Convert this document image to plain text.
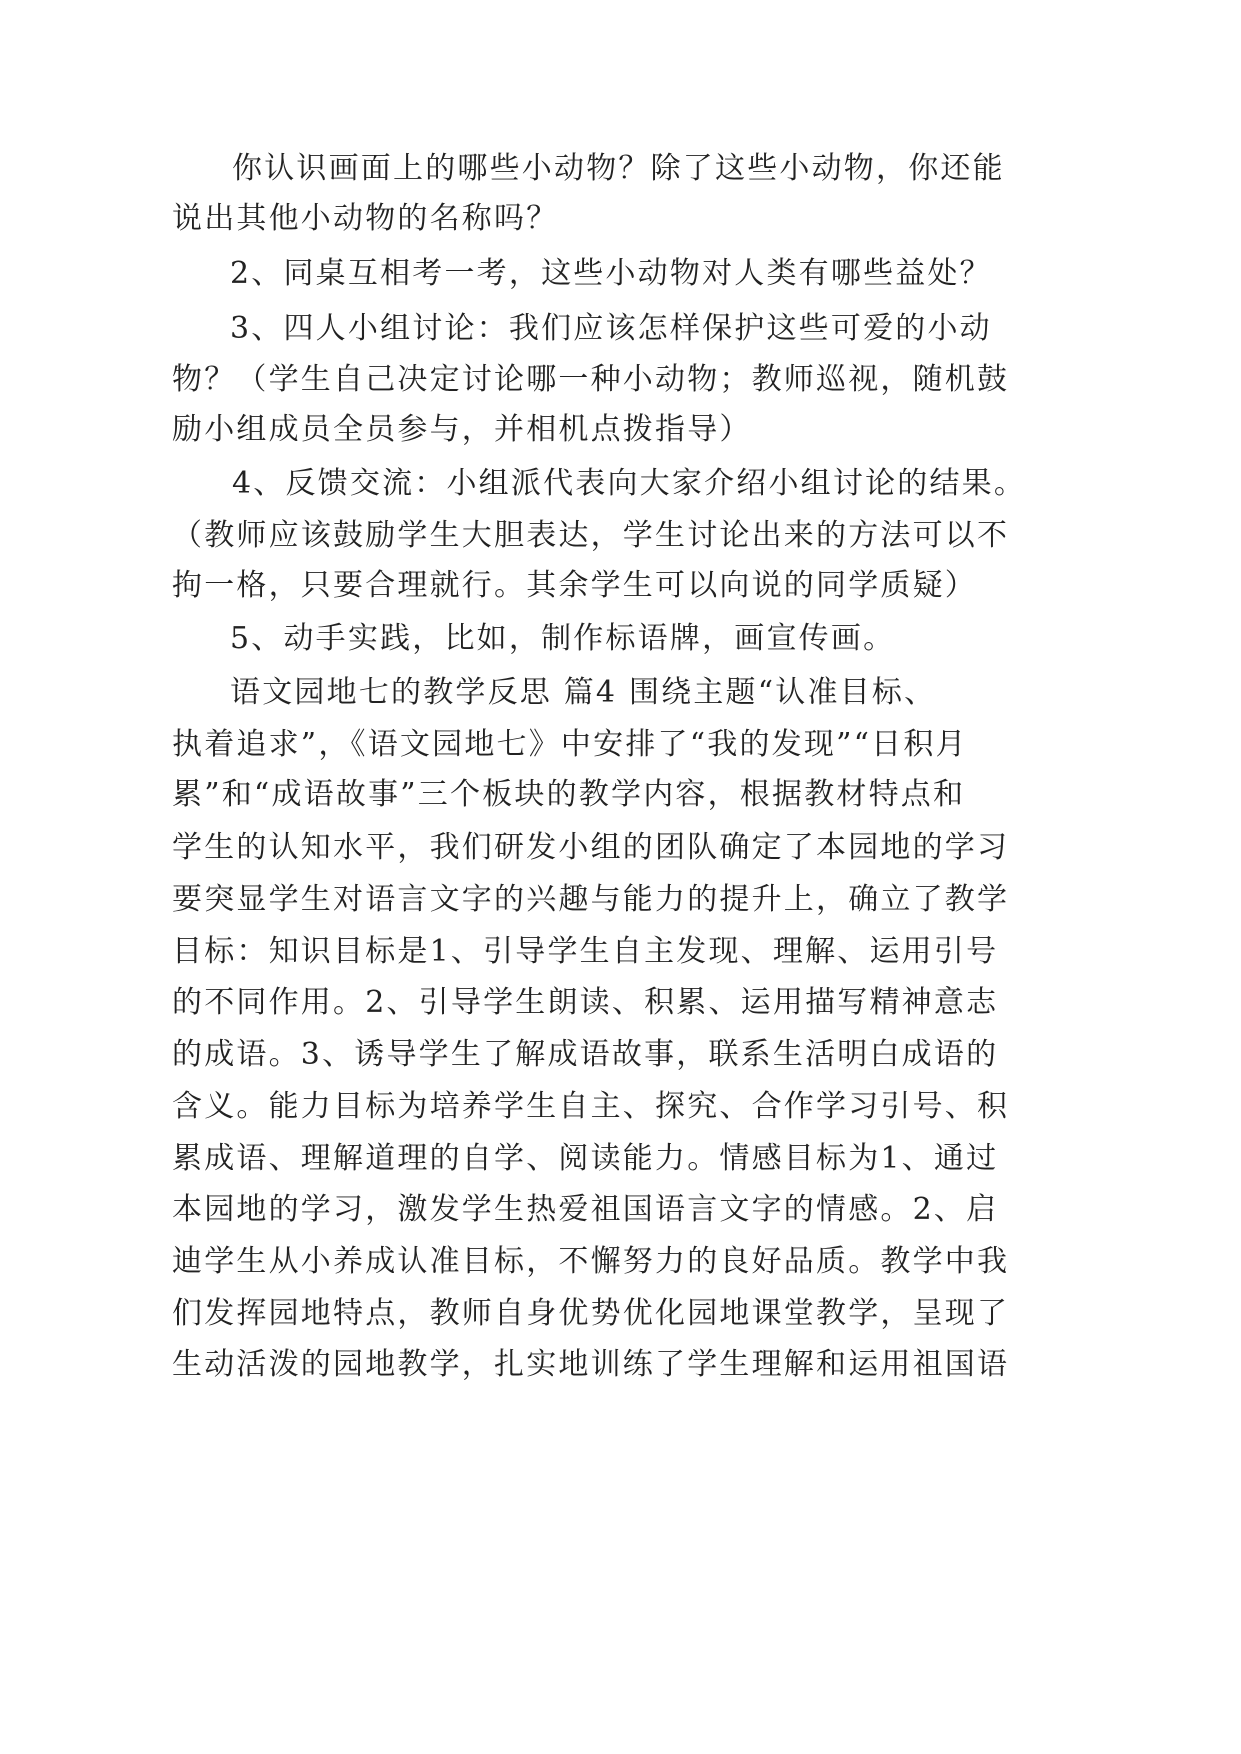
你认识画面上的哪些小动物？除了这些小动物，你还能
说出其他小动物的名称吗？
2、同桌互相考一考，这些小动物对人类有哪些益处？
3、四人小组讨论：我们应该怎样保护这些可爱的小动
物？（学生自己决定讨论哪一种小动物；教师巡视，随机鼓
励小组成员全员参与，并相机点拨指导）
4、反馈交流：小组派代表向大家介绍小组讨论的结果。
（教师应该鼓励学生大胆表达，学生讨论出来的方法可以不
拘一格，只要合理就行。其余学生可以向说的同学质疑）
5、动手实践，比如，制作标语牌，画宣传画。
语文园地七的教学反思 篇4 围绕主题“认准目标、
执着追求”，《语文园地七》中安排了“我的发现”“日积月
累”和“成语故事”三个板块的教学内容，根据教材特点和
学生的认知水平，我们研发小组的团队确定了本园地的学习
要突显学生对语言文字的兴趣与能力的提升上，确立了教学
目标：知识目标是1、引导学生自主发现、理解、运用引号
的不同作用。2、引导学生朗读、积累、运用描写精神意志
的成语。3、诱导学生了解成语故事，联系生活明白成语的
含义。能力目标为培养学生自主、探究、合作学习引号、积
累成语、理解道理的自学、阅读能力。情感目标为1、通过
本园地的学习，激发学生热爱祖国语言文字的情感。2、启
迪学生从小养成认准目标，不懈努力的良好品质。教学中我
们发挥园地特点，教师自身优势优化园地课堂教学，呈现了
生动活泼的园地教学，扎实地训练了学生理解和运用祖国语
